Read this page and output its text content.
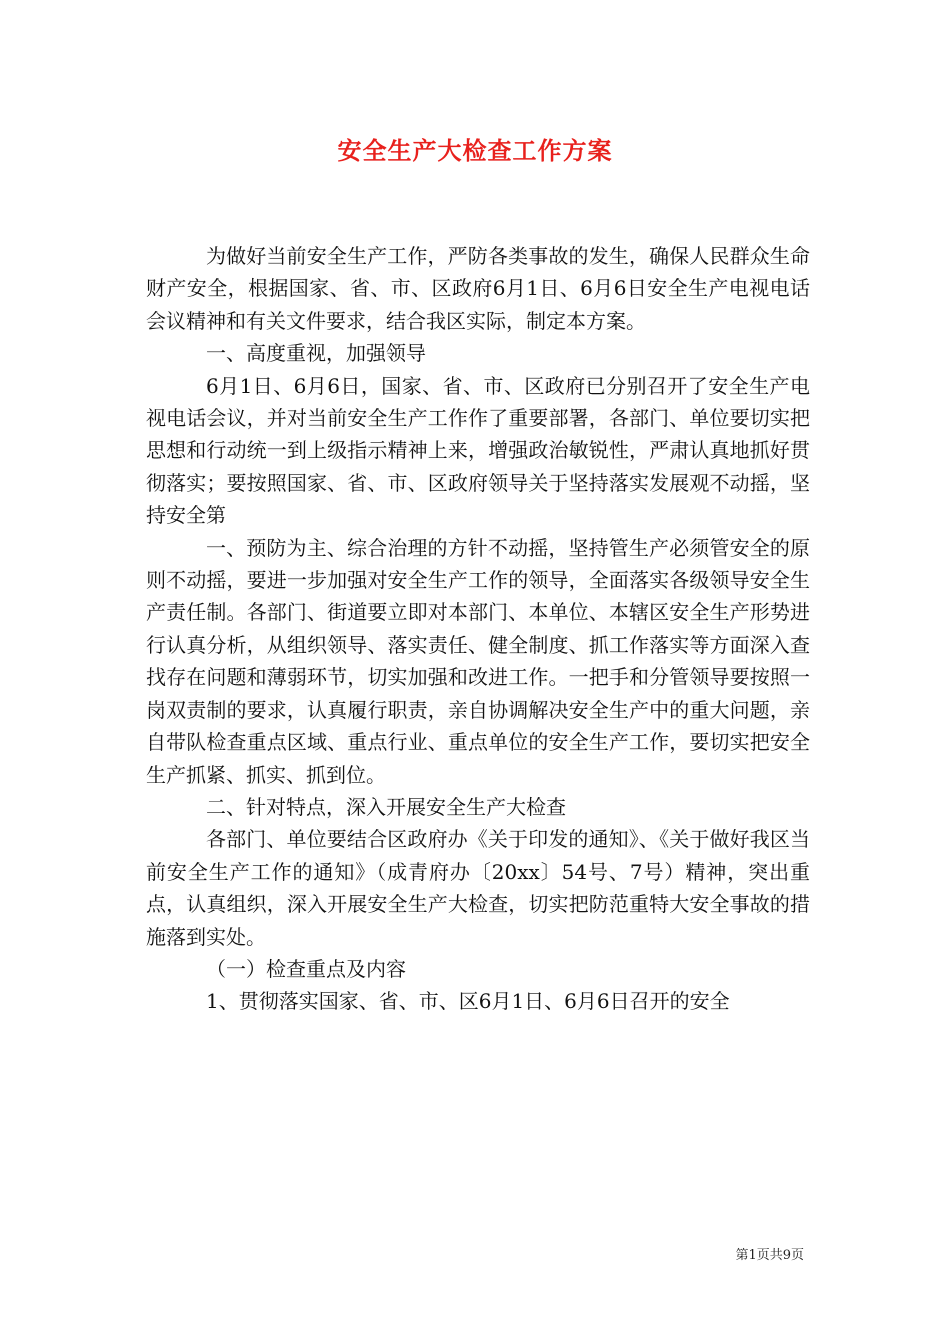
安全生产大检查工作方案

为做好当前安全生产工作，严防各类事故的发生，确保人民群众生命财产安全，根据国家、省、市、区政府6月1日、6月6日安全生产电视电话会议精神和有关文件要求，结合我区实际，制定本方案。

一、高度重视，加强领导

6月1日、6月6日，国家、省、市、区政府已分别召开了安全生产电视电话会议，并对当前安全生产工作作了重要部署，各部门、单位要切实把思想和行动统一到上级指示精神上来，增强政治敏锐性，严肃认真地抓好贯彻落实；要按照国家、省、市、区政府领导关于坚持落实发展观不动摇，坚持安全第

一、预防为主、综合治理的方针不动摇，坚持管生产必须管安全的原则不动摇，要进一步加强对安全生产工作的领导，全面落实各级领导安全生产责任制。各部门、街道要立即对本部门、本单位、本辖区安全生产形势进行认真分析，从组织领导、落实责任、健全制度、抓工作落实等方面深入查找存在问题和薄弱环节，切实加强和改进工作。一把手和分管领导要按照一岗双责制的要求，认真履行职责，亲自协调解决安全生产中的重大问题，亲自带队检查重点区域、重点行业、重点单位的安全生产工作，要切实把安全生产抓紧、抓实、抓到位。

二、针对特点，深入开展安全生产大检查

各部门、单位要结合区政府办《关于印发的通知》、《关于做好我区当前安全生产工作的通知》（成青府办〔20xx〕54号、7号）精神，突出重点，认真组织，深入开展安全生产大检查，切实把防范重特大安全事故的措施落到实处。

（一）检查重点及内容

1、贯彻落实国家、省、市、区6月1日、6月6日召开的安全

第1页共9页
